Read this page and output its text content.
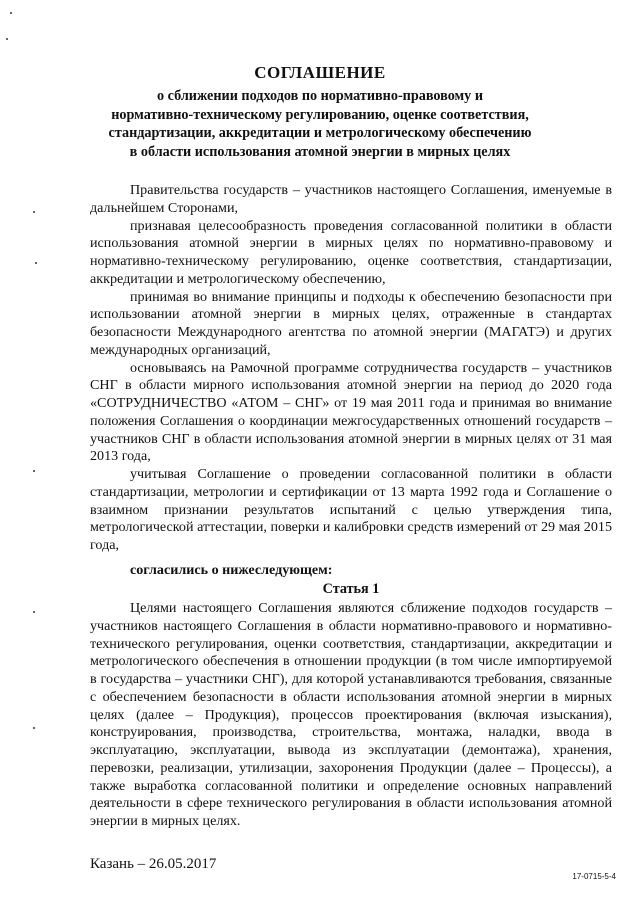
СОГЛАШЕНИЕ
о сближении подходов по нормативно-правовому и
нормативно-техническому регулированию, оценке соответствия,
стандартизации, аккредитации и метрологическому обеспечению
в области использования атомной энергии в мирных целях

Правительства государств – участников настоящего Соглашения, именуемые в дальнейшем Сторонами,

признавая целесообразность проведения согласованной политики в области использования атомной энергии в мирных целях по нормативно-правовому и нормативно-техническому регулированию, оценке соответствия, стандартизации, аккредитации и метрологическому обеспечению,

принимая во внимание принципы и подходы к обеспечению безопасности при использовании атомной энергии в мирных целях, отраженные в стандартах безопасности Международного агентства по атомной энергии (МАГАТЭ) и других международных организаций,

основываясь на Рамочной программе сотрудничества государств – участников СНГ в области мирного использования атомной энергии на период до 2020 года «СОТРУДНИЧЕСТВО «АТОМ – СНГ» от 19 мая 2011 года и принимая во внимание положения Соглашения о координации межгосударственных отношений государств – участников СНГ в области использования атомной энергии в мирных целях от 31 мая 2013 года,

учитывая Соглашение о проведении согласованной политики в области стандартизации, метрологии и сертификации от 13 марта 1992 года и Соглашение о взаимном признании результатов испытаний с целью утверждения типа, метрологической аттестации, поверки и калибровки средств измерений от 29 мая 2015 года,

согласились о нижеследующем:

Статья 1

Целями настоящего Соглашения являются сближение подходов государств – участников настоящего Соглашения в области нормативно-правового и нормативно-технического регулирования, оценки соответствия, стандартизации, аккредитации и метрологического обеспечения в отношении продукции (в том числе импортируемой в государства – участники СНГ), для которой устанавливаются требования, связанные с обеспечением безопасности в области использования атомной энергии в мирных целях (далее – Продукция), процессов проектирования (включая изыскания), конструирования, производства, строительства, монтажа, наладки, ввода в эксплуатацию, эксплуатации, вывода из эксплуатации (демонтажа), хранения, перевозки, реализации, утилизации, захоронения Продукции (далее – Процессы), а также выработка согласованной политики и определение основных направлений деятельности в сфере технического регулирования в области использования атомной энергии в мирных целях.

Казань – 26.05.2017
17-0715-5-4
